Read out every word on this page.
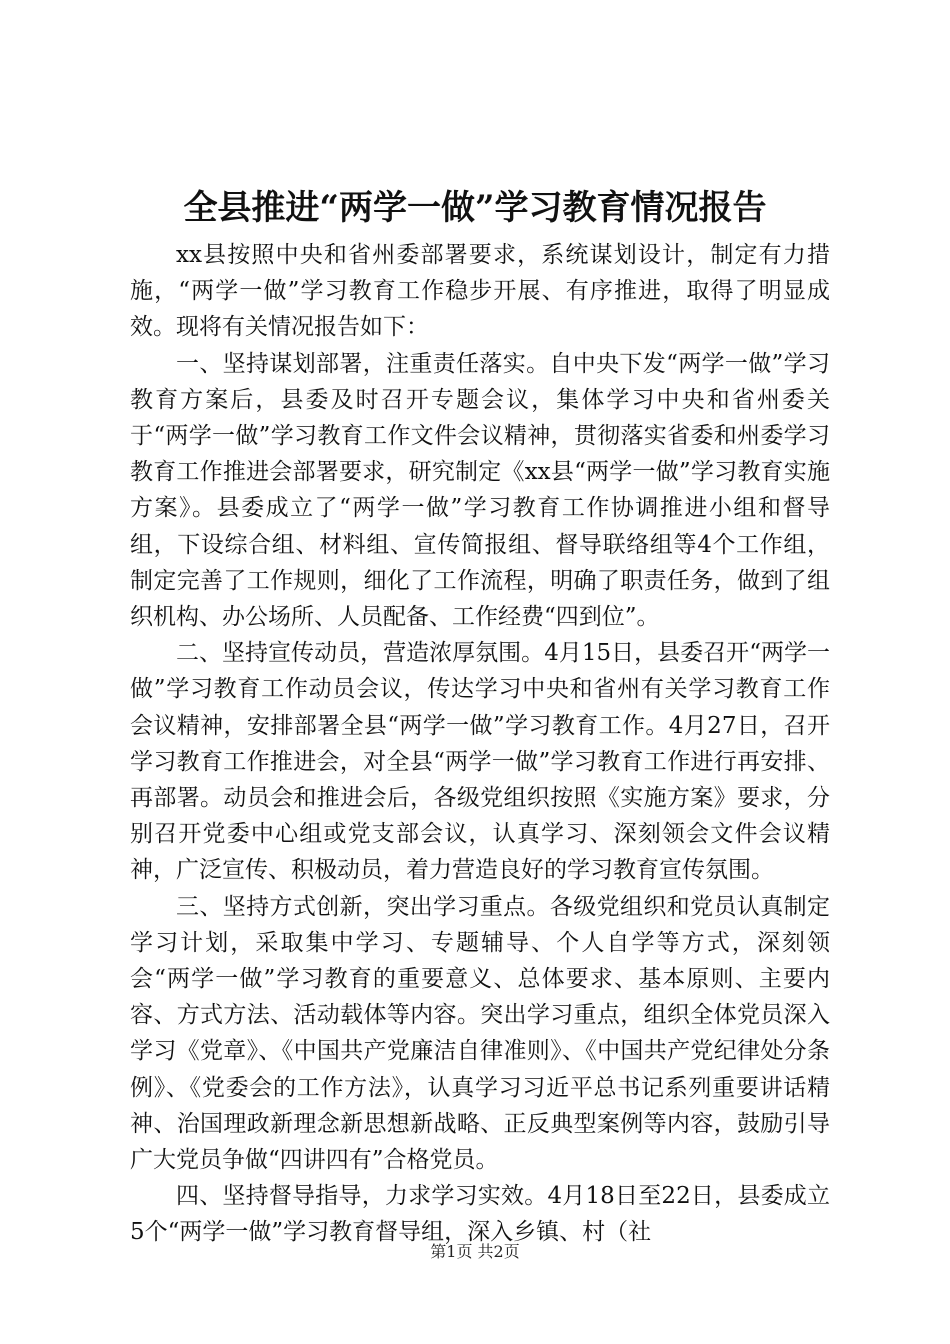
全县推进“两学一做”学习教育情况报告

xx县按照中央和省州委部署要求，系统谋划设计，制定有力措施，“两学一做”学习教育工作稳步开展、有序推进，取得了明显成效。现将有关情况报告如下：

一、坚持谋划部署，注重责任落实。自中央下发“两学一做”学习教育方案后，县委及时召开专题会议，集体学习中央和省州委关于“两学一做”学习教育工作文件会议精神，贯彻落实省委和州委学习教育工作推进会部署要求，研究制定《xx县“两学一做”学习教育实施方案》。县委成立了“两学一做”学习教育工作协调推进小组和督导组，下设综合组、材料组、宣传简报组、督导联络组等4个工作组，制定完善了工作规则，细化了工作流程，明确了职责任务，做到了组织机构、办公场所、人员配备、工作经费“四到位”。

二、坚持宣传动员，营造浓厚氛围。4月15日，县委召开“两学一做”学习教育工作动员会议，传达学习中央和省州有关学习教育工作会议精神，安排部署全县“两学一做”学习教育工作。4月27日，召开学习教育工作推进会，对全县“两学一做”学习教育工作进行再安排、再部署。动员会和推进会后，各级党组织按照《实施方案》要求，分别召开党委中心组或党支部会议，认真学习、深刻领会文件会议精神，广泛宣传、积极动员，着力营造良好的学习教育宣传氛围。

三、坚持方式创新，突出学习重点。各级党组织和党员认真制定学习计划，采取集中学习、专题辅导、个人自学等方式，深刻领会“两学一做”学习教育的重要意义、总体要求、基本原则、主要内容、方式方法、活动载体等内容。突出学习重点，组织全体党员深入学习《党章》、《中国共产党廉洁自律准则》、《中国共产党纪律处分条例》、《党委会的工作方法》，认真学习习近平总书记系列重要讲话精神、治国理政新理念新思想新战略、正反典型案例等内容，鼓励引导广大党员争做“四讲四有”合格党员。

四、坚持督导指导，力求学习实效。4月18日至22日，县委成立5个“两学一做”学习教育督导组，深入乡镇、村（社

第1页 共2页
